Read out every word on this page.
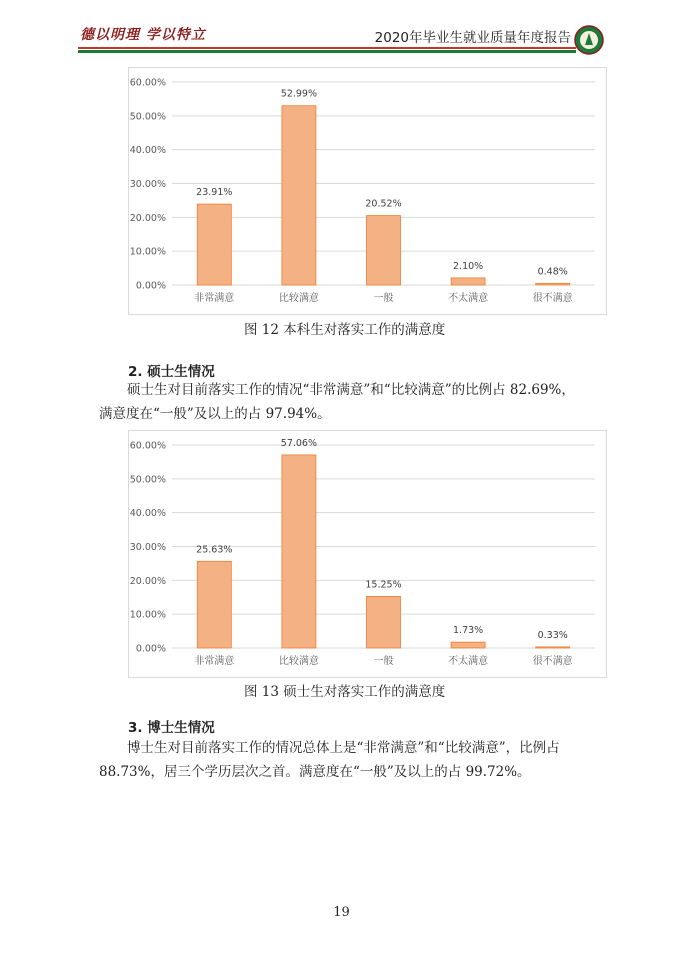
德以明理 学以特立	2020年毕业生就业质量年度报告
0.00%
10.00%
20.00%
30.00%
40.00%
50.00%
60.00%
23.91%
非常满意
52.99%
比较满意
20.52%
一般
2.10%
不太满意
0.48%
很不满意
图 12 本科生对落实工作的满意度
2. 硕士生情况

硕士生对目前落实工作的情况“非常满意”和“比较满意”的比例占 82.69%，满意度在“一般”及以上的占 97.94%。

0.00%
10.00%
20.00%
30.00%
40.00%
50.00%
60.00%
25.63%
非常满意
57.06%
比较满意
15.25%
一般
1.73%
不太满意
0.33%
很不满意
图 13 硕士生对落实工作的满意度
3. 博士生情况

博士生对目前落实工作的情况总体上是“非常满意”和“比较满意”，比例占 88.73%，居三个学历层次之首。满意度在“一般”及以上的占 99.72%。

19
